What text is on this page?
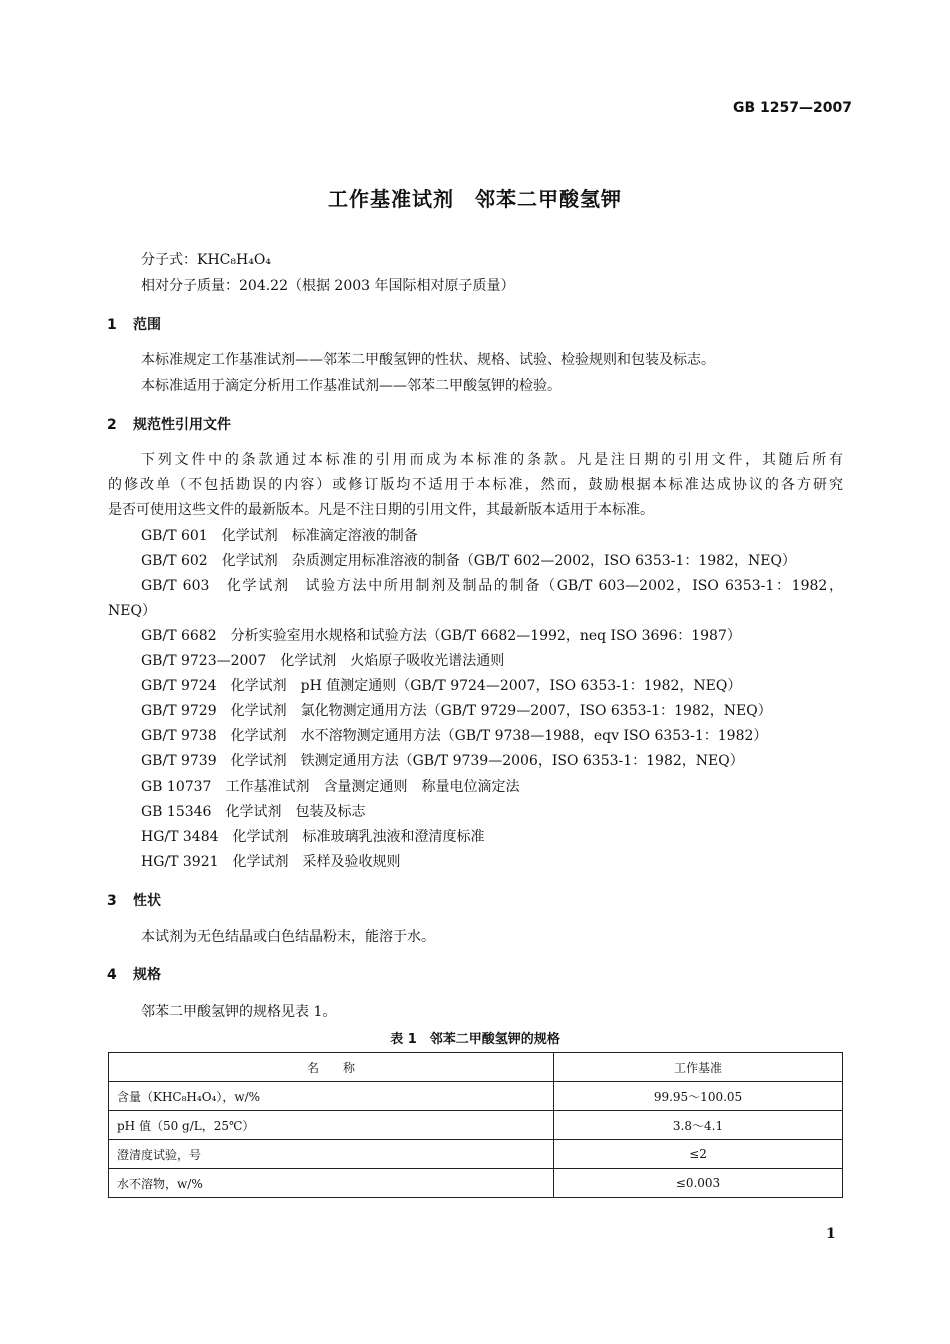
GB 1257—2007
工作基准试剂　邻苯二甲酸氢钾
分子式：KHC₈H₄O₄
相对分子质量：204.22（根据 2003 年国际相对原子质量）
1 范围
本标准规定工作基准试剂——邻苯二甲酸氢钾的性状、规格、试验、检验规则和包装及标志。
本标准适用于滴定分析用工作基准试剂——邻苯二甲酸氢钾的检验。
2 规范性引用文件
下列文件中的条款通过本标准的引用而成为本标准的条款。凡是注日期的引用文件，其随后所有
的修改单（不包括勘误的内容）或修订版均不适用于本标准，然而，鼓励根据本标准达成协议的各方研究
是否可使用这些文件的最新版本。凡是不注日期的引用文件，其最新版本适用于本标准。
GB/T 601　化学试剂　标准滴定溶液的制备
GB/T 602　化学试剂　杂质测定用标准溶液的制备（GB/T 602—2002，ISO 6353-1：1982，NEQ）
GB/T 603　化学试剂　试验方法中所用制剂及制品的制备（GB/T 603—2002，ISO 6353-1：1982，
NEQ）
GB/T 6682　分析实验室用水规格和试验方法（GB/T 6682—1992，neq ISO 3696：1987）
GB/T 9723—2007　化学试剂　火焰原子吸收光谱法通则
GB/T 9724　化学试剂　pH 值测定通则（GB/T 9724—2007，ISO 6353-1：1982，NEQ）
GB/T 9729　化学试剂　氯化物测定通用方法（GB/T 9729—2007，ISO 6353-1：1982，NEQ）
GB/T 9738　化学试剂　水不溶物测定通用方法（GB/T 9738—1988，eqv ISO 6353-1：1982）
GB/T 9739　化学试剂　铁测定通用方法（GB/T 9739—2006，ISO 6353-1：1982，NEQ）
GB 10737　工作基准试剂　含量测定通则　称量电位滴定法
GB 15346　化学试剂　包装及标志
HG/T 3484　化学试剂　标准玻璃乳浊液和澄清度标准
HG/T 3921　化学试剂　采样及验收规则
3 性状
本试剂为无色结晶或白色结晶粉末，能溶于水。
4 规格
邻苯二甲酸氢钾的规格见表 1。
表 1　邻苯二甲酸氢钾的规格
名　　称	工作基准
含量（KHC₈H₄O₄），w/%	99.95～100.05
pH 值（50 g/L，25℃）	3.8～4.1
澄清度试验，号	≤2
水不溶物，w/%	≤0.003
1
